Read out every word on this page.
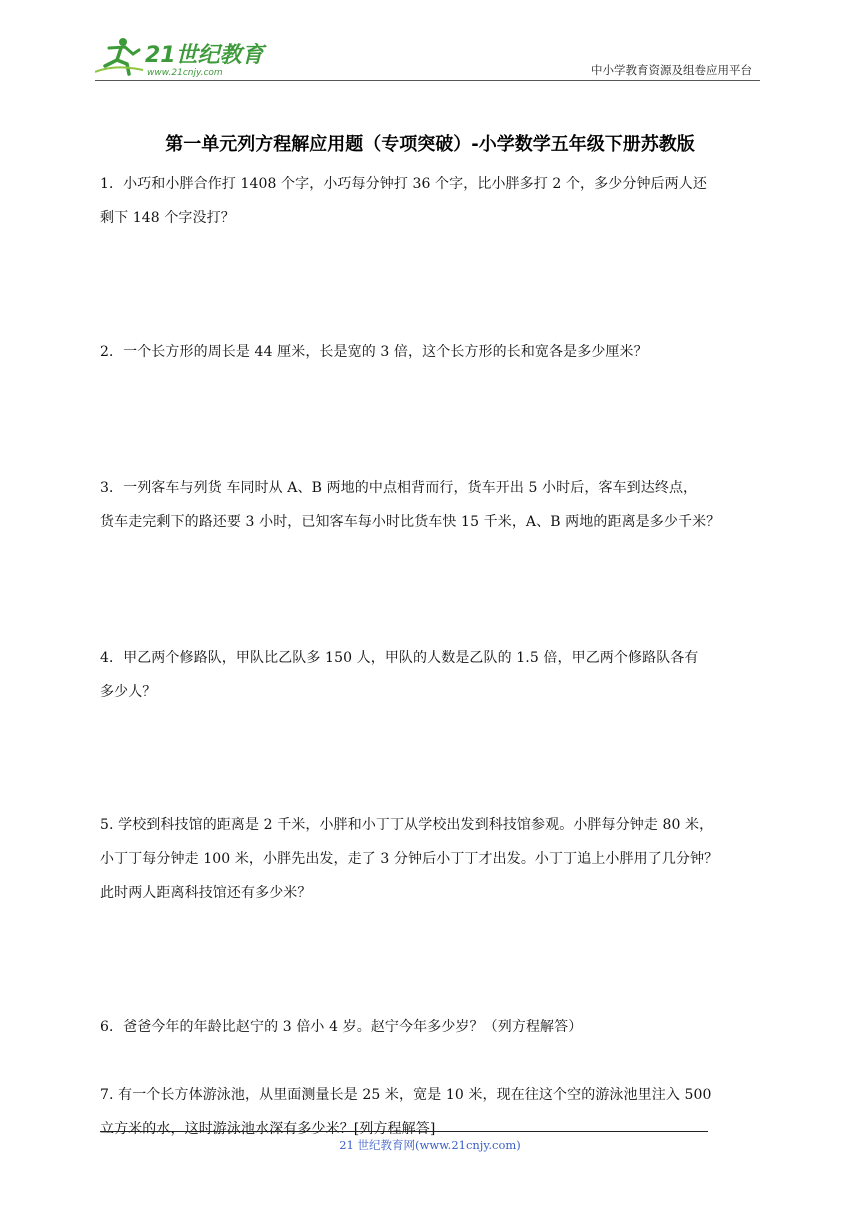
21世纪教育
www.21cnjy.com	中小学教育资源及组卷应用平台
第一单元列方程解应用题（专项突破）-小学数学五年级下册苏教版
1．小巧和小胖合作打 1408 个字，小巧每分钟打 36 个字，比小胖多打 2 个，多少分钟后两人还
剩下 148 个字没打？
2．一个长方形的周长是 44 厘米，长是宽的 3 倍，这个长方形的长和宽各是多少厘米？
3．一列客车与列货 车同时从 A、B 两地的中点相背而行，货车开出 5 小时后，客车到达终点，
货车走完剩下的路还要 3 小时，已知客车每小时比货车快 15 千米，A、B 两地的距离是多少千米？
4．甲乙两个修路队，甲队比乙队多 150 人，甲队的人数是乙队的 1.5 倍，甲乙两个修路队各有
多少人？
5. 学校到科技馆的距离是 2 千米，小胖和小丁丁从学校出发到科技馆参观。小胖每分钟走 80 米，
小丁丁每分钟走 100 米，小胖先出发，走了 3 分钟后小丁丁才出发。小丁丁追上小胖用了几分钟？
此时两人距离科技馆还有多少米？
6．爸爸今年的年龄比赵宁的 3 倍小 4 岁。赵宁今年多少岁？（列方程解答）
7. 有一个长方体游泳池，从里面测量长是 25 米，宽是 10 米，现在往这个空的游泳池里注入 500
立方米的水，这时游泳池水深有多少米？[列方程解答]
21 世纪教育网(www.21cnjy.com)
